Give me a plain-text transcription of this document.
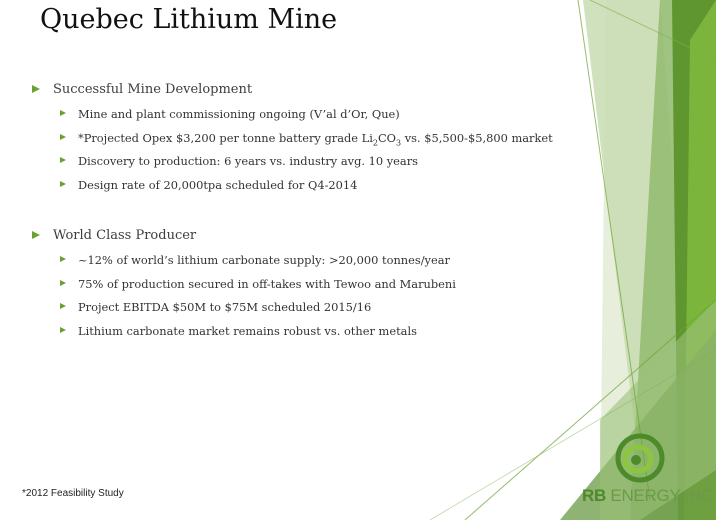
Quebec Lithium Mine
Successful Mine Development
Mine and plant commissioning ongoing (V’al d’Or, Que)
*Projected Opex $3,200 per tonne battery grade $Li_2CO_3$ vs. $5,500-$5,800 market
Discovery to production: 6 years vs. industry avg. 10 years
Design rate of 20,000tpa scheduled for Q4-2014
World Class Producer
~12% of world’s lithium carbonate supply: >20,000 tonnes/year
75% of production secured in off-takes with Tewoo and Marubeni
Project EBITDA $50M to $75M scheduled 2015/16
Lithium carbonate market remains robust vs. other metals
*2012 Feasibility Study	RB ENERGY INC
